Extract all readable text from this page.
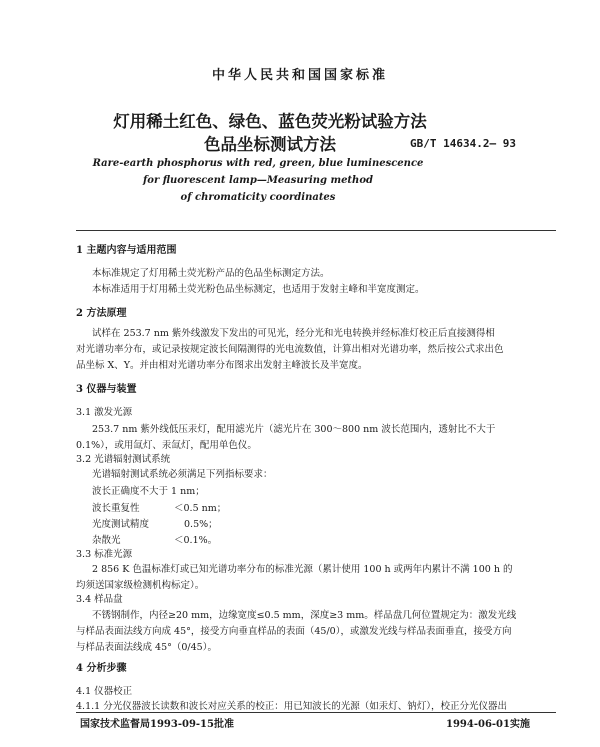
中华人民共和国国家标准
灯用稀土红色、绿色、蓝色荧光粉试验方法
色品坐标测试方法	GB/T 14634.2— 93
Rare-earth phosphorus with red, green, blue luminescence
for fluorescent lamp—Measuring method
of chromaticity coordinates
1 主题内容与适用范围
本标准规定了灯用稀土荧光粉产品的色品坐标测定方法。
本标准适用于灯用稀土荧光粉色品坐标测定，也适用于发射主峰和半宽度测定。
2 方法原理
试样在 253.7 nm 紫外线激发下发出的可见光，经分光和光电转换并经标准灯校正后直接测得相
对光谱功率分布，或记录按规定波长间隔测得的光电流数值，计算出相对光谱功率，然后按公式求出色
品坐标 X、Y。并由相对光谱功率分布图求出发射主峰波长及半宽度。
3 仪器与装置
3.1 激发光源
253.7 nm 紫外线低压汞灯，配用滤光片（滤光片在 300～800 nm 波长范围内，透射比不大于
0.1%），或用氙灯、汞氙灯，配用单色仪。
3.2 光谱辐射测试系统
光谱辐射测试系统必须满足下列指标要求：
波长正确度不大于 1 nm；
波长重复性	＜0.5 nm；
光度测试精度	0.5%；
杂散光	＜0.1%。
3.3 标准光源
2 856 K 色温标准灯或已知光谱功率分布的标准光源（累计使用 100 h 或两年内累计不满 100 h 的
均须送国家级检测机构标定）。
3.4 样品盘
不锈钢制作，内径≥20 mm，边缘宽度≤0.5 mm，深度≥3 mm。样品盘几何位置规定为：激发光线
与样品表面法线方向成 45°，接受方向垂直样品的表面（45/0），或激发光线与样品表面垂直，接受方向
与样品表面法线成 45°（0/45）。
4 分析步骤
4.1 仪器校正
4.1.1 分光仪器波长读数和波长对应关系的校正：用已知波长的光源（如汞灯、钠灯），校正分光仪器出
国家技术监督局1993-09-15批准	1994-06-01实施
